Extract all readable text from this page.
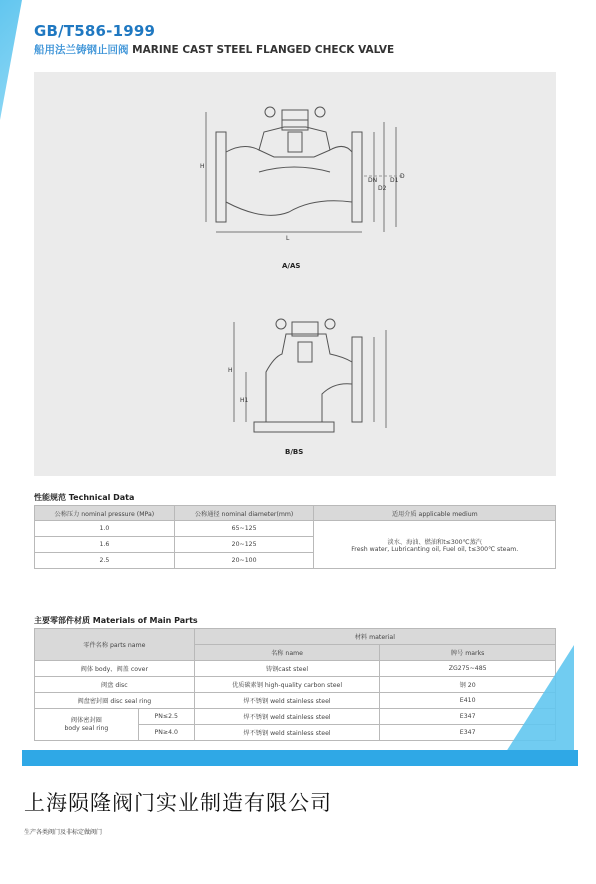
GB/T586-1999
船用法兰铸钢止回阀 MARINE CAST STEEL FLANGED CHECK VALVE
H
L
DN
D2
D1
D
H
H1
A/AS
B/BS
性能规范 Technical Data
公称压力 nominal pressure (MPa)	公称通径 nominal diameter(mm)	适用介质 applicable medium
1.0	65~125	淡水、海油、燃油和t≤300℃蒸汽
Fresh water, Lubricanting oil, Fuel oil, t≤300℃ steam.

1.6	20~125	
2.5	20~100	
主要零部件材质 Materials of Main Parts
零件名称 parts name		材料 material	
		名称 name	牌号 marks
阀体 body、阀盖 cover		铸钢cast steel	ZG275~485
阀盘 disc		优质碳素钢 high-quality carbon steel	钢 20
阀盘密封圈 disc seal ring		焊不锈钢 weld stainless steel	E410
阀体密封圈
body seal ring	PN≤2.5	焊不锈钢 weld stainless steel	E347
	PN≥4.0	焊不锈钢 weld stainless steel	E347
上海陨隆阀门实业制造有限公司
生产各类阀门及非标定做阀门
